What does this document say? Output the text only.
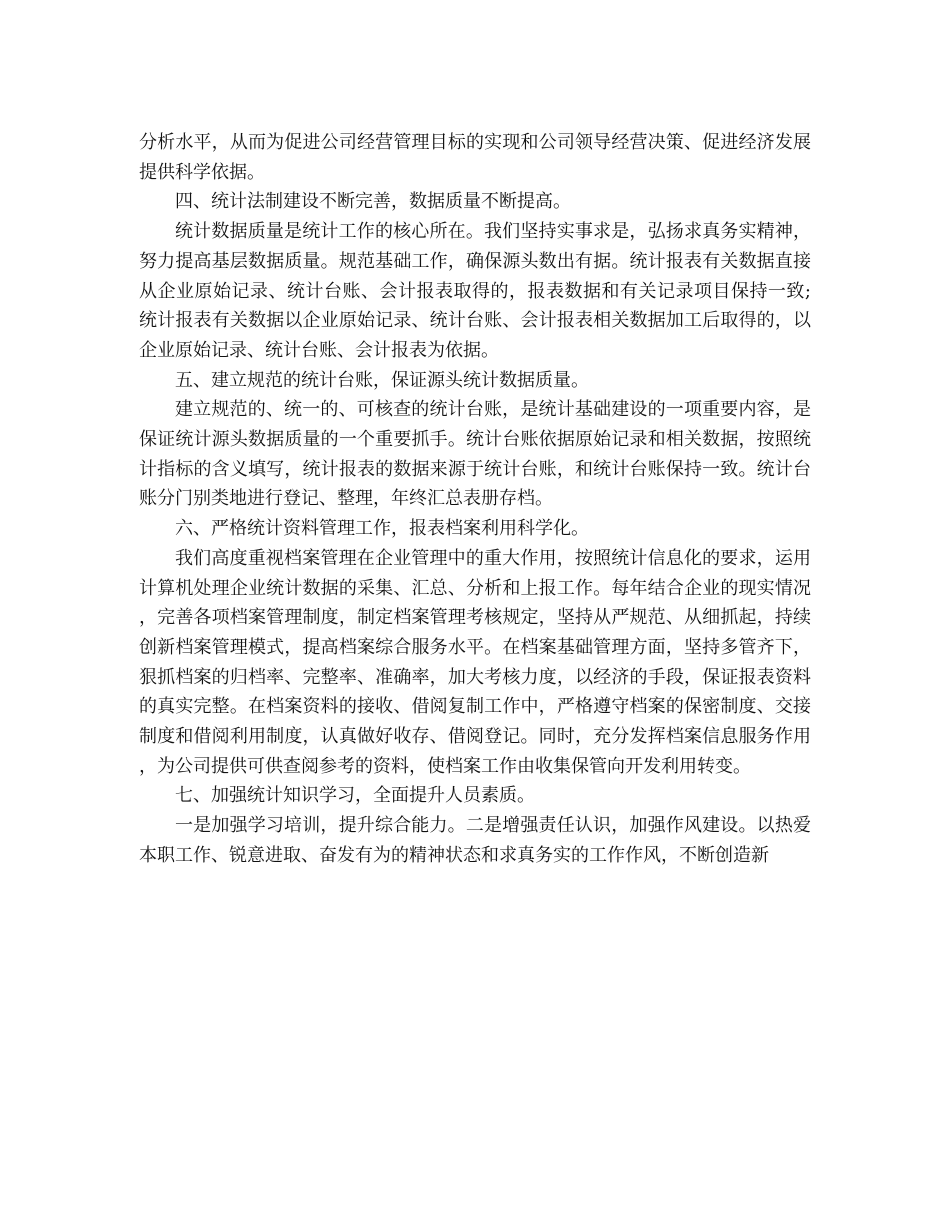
分析水平，从而为促进公司经营管理目标的实现和公司领导经营决策、促进经济发展提供科学依据。

四、统计法制建设不断完善，数据质量不断提高。

统计数据质量是统计工作的核心所在。我们坚持实事求是，弘扬求真务实精神，努力提高基层数据质量。规范基础工作，确保源头数出有据。统计报表有关数据直接从企业原始记录、统计台账、会计报表取得的，报表数据和有关记录项目保持一致;统计报表有关数据以企业原始记录、统计台账、会计报表相关数据加工后取得的，以企业原始记录、统计台账、会计报表为依据。

五、建立规范的统计台账，保证源头统计数据质量。

建立规范的、统一的、可核查的统计台账，是统计基础建设的一项重要内容，是保证统计源头数据质量的一个重要抓手。统计台账依据原始记录和相关数据，按照统计指标的含义填写，统计报表的数据来源于统计台账，和统计台账保持一致。统计台账分门别类地进行登记、整理，年终汇总表册存档。

六、严格统计资料管理工作，报表档案利用科学化。

我们高度重视档案管理在企业管理中的重大作用，按照统计信息化的要求，运用计算机处理企业统计数据的采集、汇总、分析和上报工作。每年结合企业的现实情况，完善各项档案管理制度，制定档案管理考核规定，坚持从严规范、从细抓起，持续创新档案管理模式，提高档案综合服务水平。在档案基础管理方面，坚持多管齐下，狠抓档案的归档率、完整率、准确率，加大考核力度，以经济的手段，保证报表资料的真实完整。在档案资料的接收、借阅复制工作中，严格遵守档案的保密制度、交接制度和借阅利用制度，认真做好收存、借阅登记。同时，充分发挥档案信息服务作用，为公司提供可供查阅参考的资料，使档案工作由收集保管向开发利用转变。

七、加强统计知识学习，全面提升人员素质。

一是加强学习培训，提升综合能力。二是增强责任认识，加强作风建设。以热爱本职工作、锐意进取、奋发有为的精神状态和求真务实的工作作风，不断创造新
